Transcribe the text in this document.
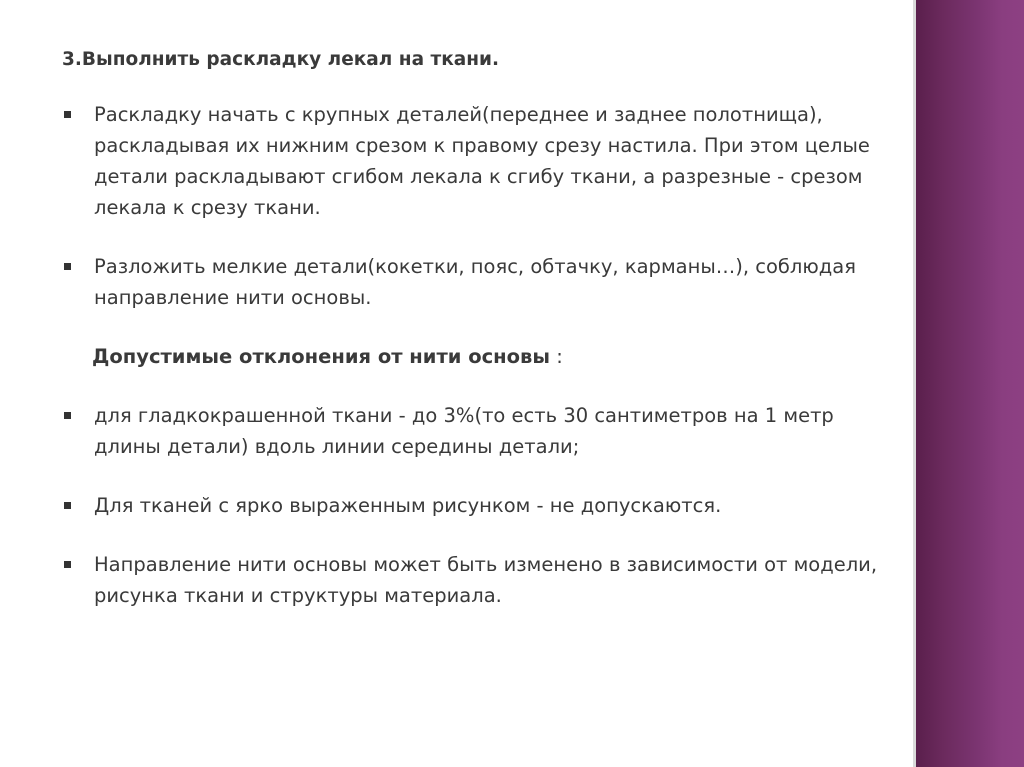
3.Выполнить раскладку лекал на ткани.
Раскладку начать с крупных деталей(переднее и заднее полотнища), раскладывая их нижним срезом к правому срезу настила. При этом целые детали раскладывают сгибом лекала к сгибу ткани, а разрезные - срезом лекала к срезу ткани.
Разложить мелкие детали(кокетки, пояс, обтачку, карманы…), соблюдая направление нити основы.
Допустимые отклонения от нити основы :
для гладкокрашенной ткани - до 3%(то есть 30 сантиметров на 1 метр длины детали) вдоль линии середины детали;
Для тканей с ярко выраженным рисунком - не допускаются.
Направление нити основы может быть изменено в зависимости от модели, рисунка ткани и структуры материала.
